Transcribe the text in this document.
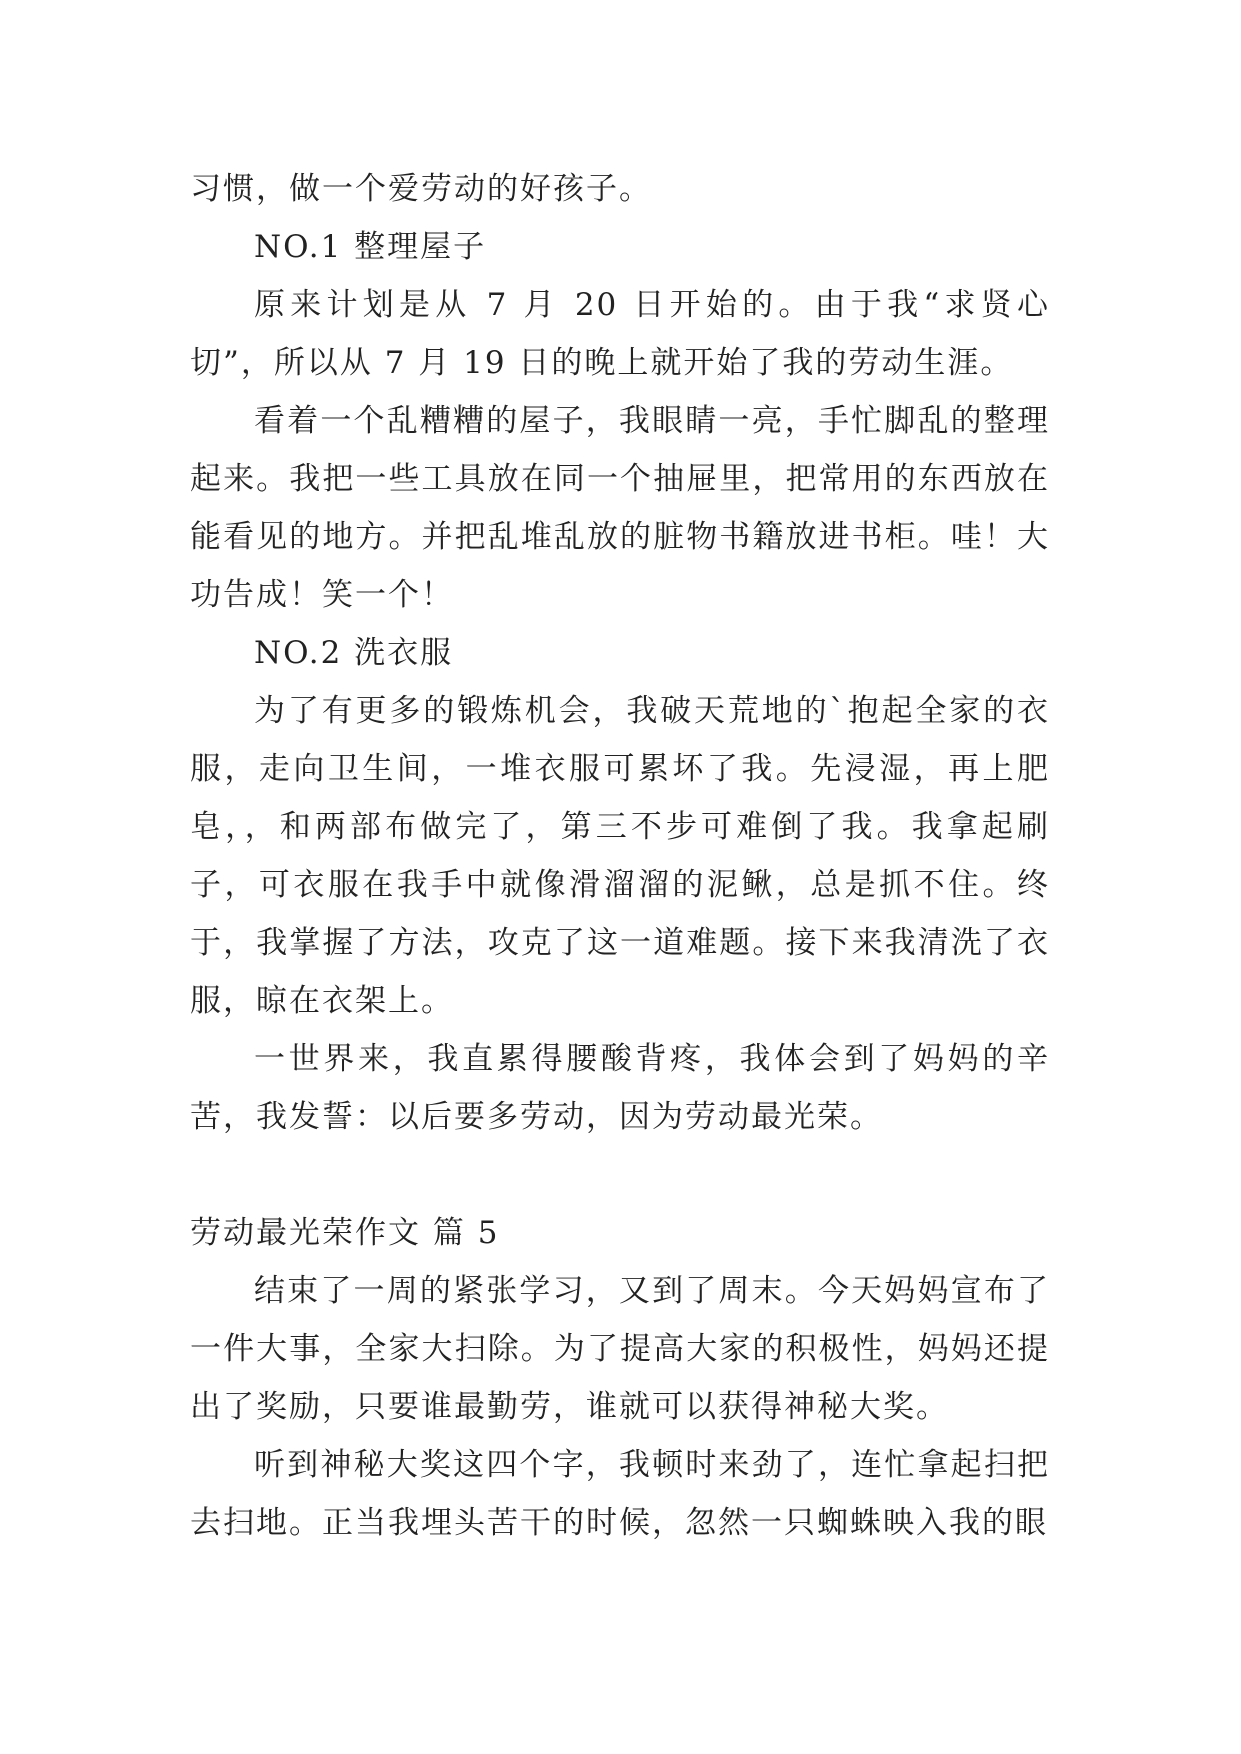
习惯，做一个爱劳动的好孩子。

NO.1 整理屋子

原来计划是从 7 月 20 日开始的。由于我“求贤心切”，所以从 7 月 19 日的晚上就开始了我的劳动生涯。

看着一个乱糟糟的屋子，我眼睛一亮，手忙脚乱的整理起来。我把一些工具放在同一个抽屉里，把常用的东西放在能看见的地方。并把乱堆乱放的脏物书籍放进书柜。哇！大功告成！笑一个！

NO.2 洗衣服

为了有更多的锻炼机会，我破天荒地的`抱起全家的衣服，走向卫生间，一堆衣服可累坏了我。先浸湿，再上肥皂，，和两部布做完了，第三不步可难倒了我。我拿起刷子，可衣服在我手中就像滑溜溜的泥鳅，总是抓不住。终于，我掌握了方法，攻克了这一道难题。接下来我清洗了衣服，晾在衣架上。

一世界来，我直累得腰酸背疼，我体会到了妈妈的辛苦，我发誓：以后要多劳动，因为劳动最光荣。

劳动最光荣作文 篇 5

结束了一周的紧张学习，又到了周末。今天妈妈宣布了一件大事，全家大扫除。为了提高大家的积极性，妈妈还提出了奖励，只要谁最勤劳，谁就可以获得神秘大奖。

听到神秘大奖这四个字，我顿时来劲了，连忙拿起扫把去扫地。正当我埋头苦干的时候，忽然一只蜘蛛映入我的眼
